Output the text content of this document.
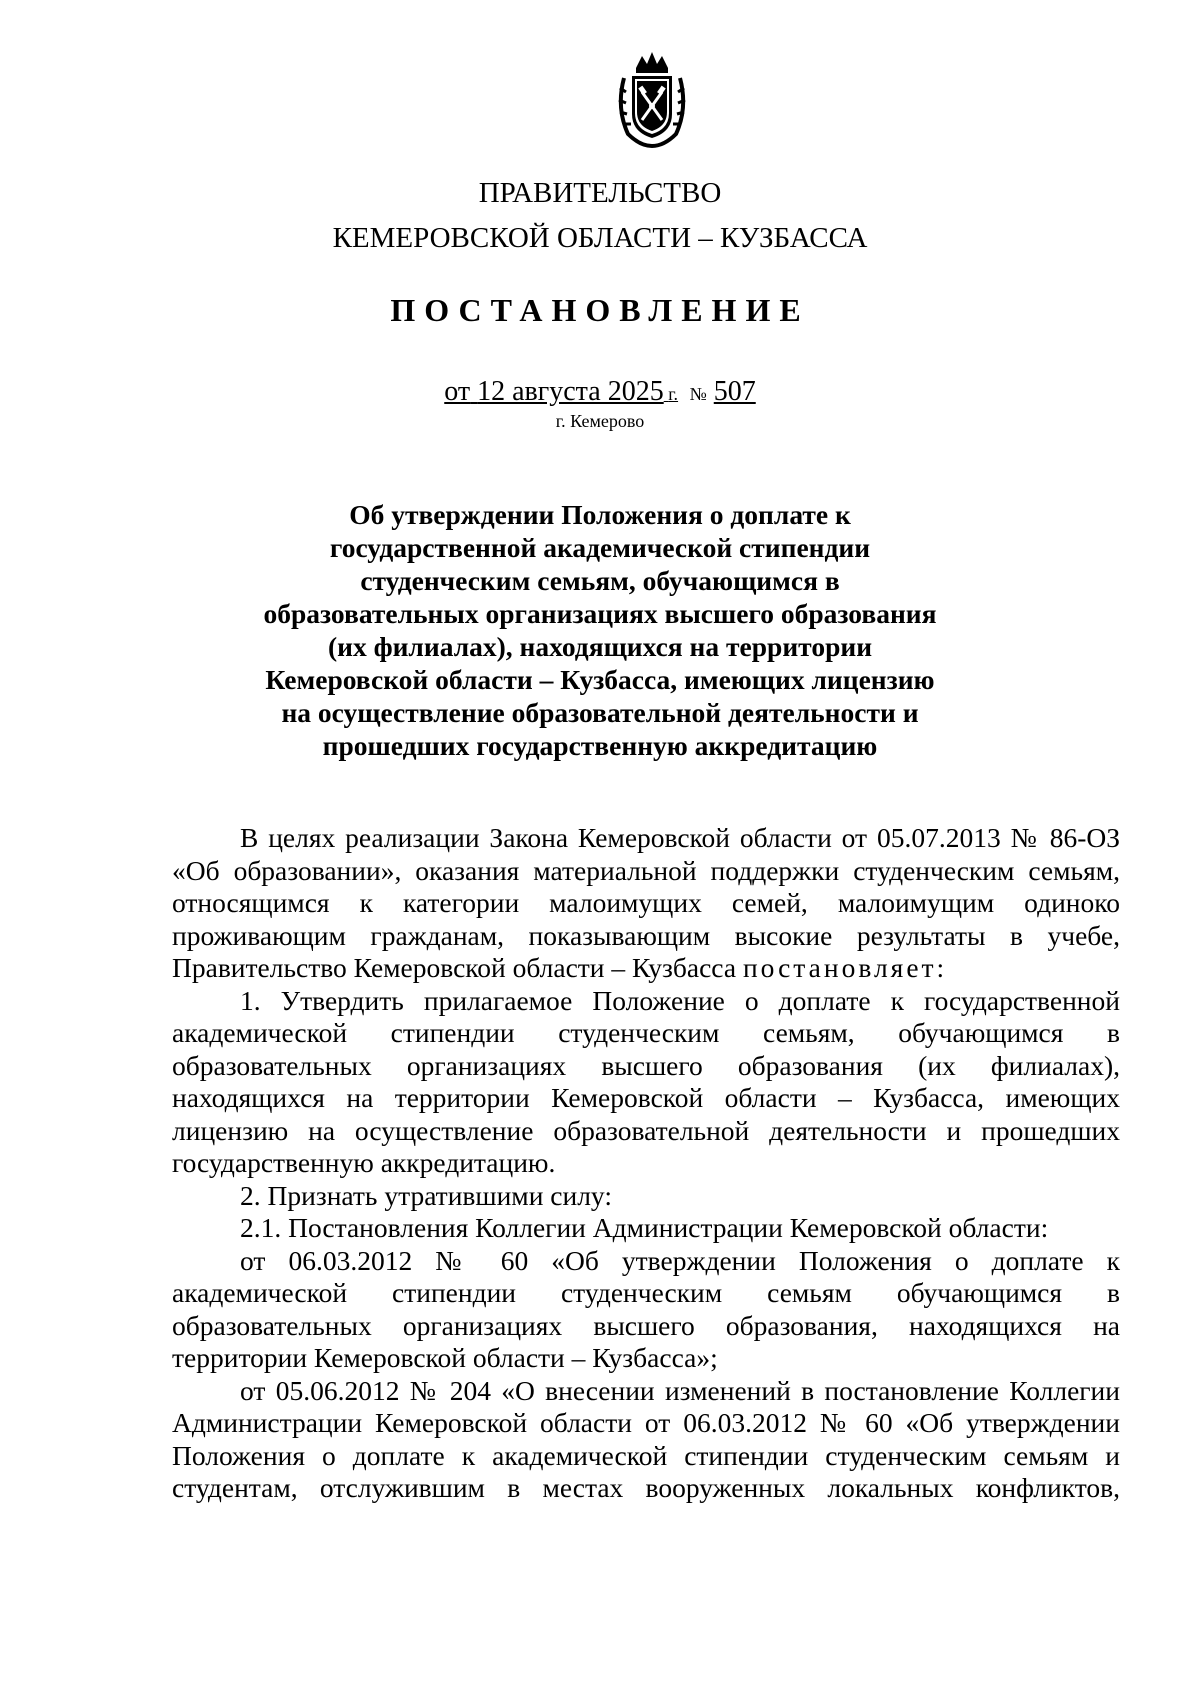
ПРАВИТЕЛЬСТВО
КЕМЕРОВСКОЙ ОБЛАСТИ – КУЗБАССА
ПОСТАНОВЛЕНИЕ
от 12 августа 2025 г. № 507
г. Кемерово
Об утверждении Положения о доплате к
государственной академической стипендии
студенческим семьям, обучающимся в
образовательных организациях высшего образования
(их филиалах), находящихся на территории
Кемеровской области – Кузбасса, имеющих лицензию
на осуществление образовательной деятельности и
прошедших государственную аккредитацию
В целях реализации Закона Кемеровской области от 05.07.2013 № 86-ОЗ
«Об образовании», оказания материальной поддержки студенческим семьям,
относящимся к категории малоимущих семей, малоимущим одиноко
проживающим гражданам, показывающим высокие результаты в учебе,
Правительство Кемеровской области – Кузбасса постановляет:
1. Утвердить прилагаемое Положение о доплате к государственной
академической стипендии студенческим семьям, обучающимся в
образовательных организациях высшего образования (их филиалах),
находящихся на территории Кемеровской области – Кузбасса, имеющих
лицензию на осуществление образовательной деятельности и прошедших
государственную аккредитацию.
2. Признать утратившими силу:
2.1. Постановления Коллегии Администрации Кемеровской области:
от 06.03.2012 № 60 «Об утверждении Положения о доплате к
академической стипендии студенческим семьям обучающимся в
образовательных организациях высшего образования, находящихся на
территории Кемеровской области – Кузбасса»;
от 05.06.2012 № 204 «О внесении изменений в постановление Коллегии
Администрации Кемеровской области от 06.03.2012 № 60 «Об утверждении
Положения о доплате к академической стипендии студенческим семьям и
студентам, отслужившим в местах вооруженных локальных конфликтов,
